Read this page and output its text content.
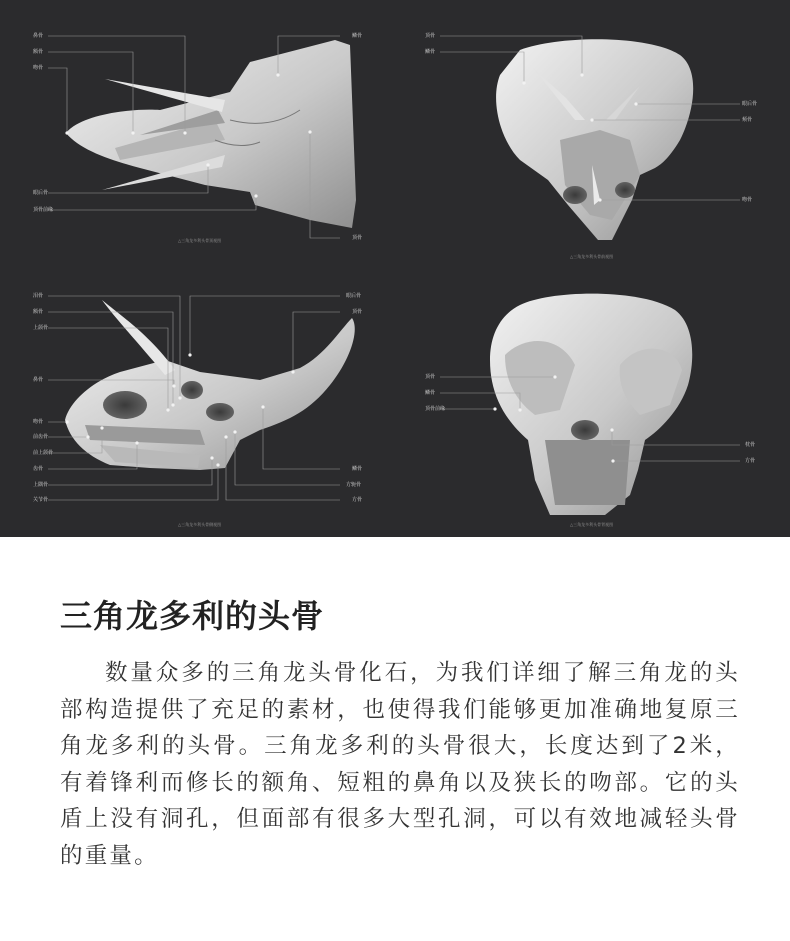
鼻骨
额骨
吻骨
眼后骨
顶骨前缘
鳞骨
顶骨
△三角龙多利头骨顶视图
顶骨
鳞骨
眼后骨
颊骨
吻骨
△三角龙多利头骨前视图
泪骨
额骨
上颌骨
鼻骨
吻骨
前齿骨
前上颌骨
齿骨
上隅骨
关节骨
眼后骨
顶骨
鳞骨
方轭骨
方骨
△三角龙多利头骨侧视图
顶骨
鳞骨
顶骨前缘
枕骨
方骨
△三角龙多利头骨背视图
三角龙多利的头骨

数量众多的三角龙头骨化石，为我们详细了解三角龙的头部构造提供了充足的素材，也使得我们能够更加准确地复原三角龙多利的头骨。三角龙多利的头骨很大，长度达到了2米，有着锋利而修长的额角、短粗的鼻角以及狭长的吻部。它的头盾上没有洞孔，但面部有很多大型孔洞，可以有效地减轻头骨的重量。
